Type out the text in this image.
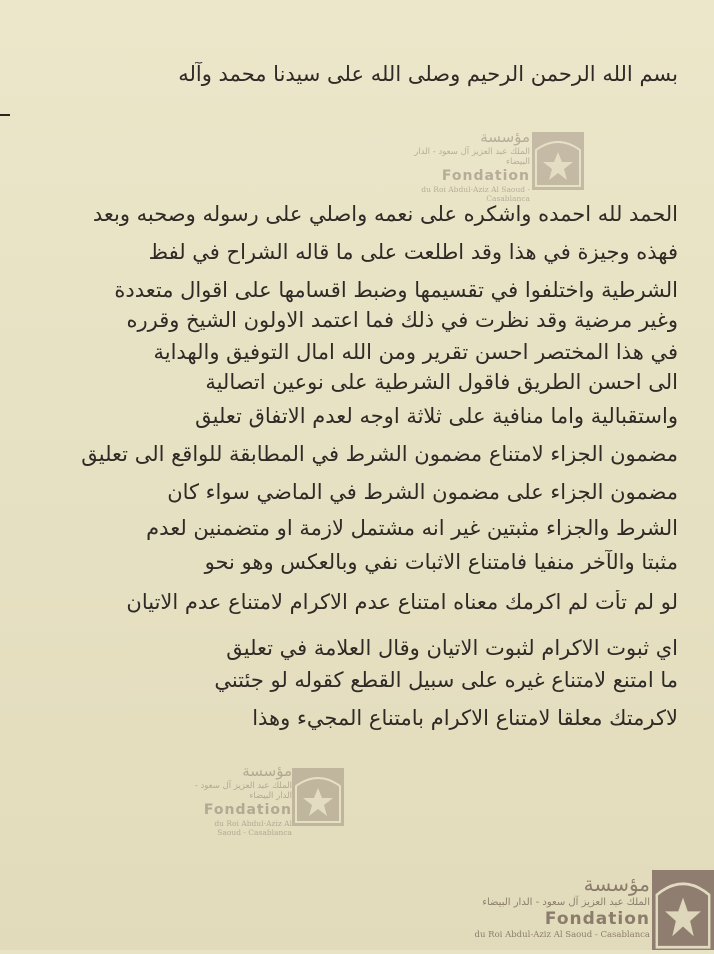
بسم الله الرحمن الرحيم وصلى الله على سيدنا محمد وآله
الحمد لله احمده واشكره على نعمه واصلي على رسوله وصحبه وبعد
فهذه وجيزة في هذا وقد اطلعت على ما قاله الشراح في لفظ
الشرطية واختلفوا في تقسيمها وضبط اقسامها على اقوال متعددة
وغير مرضية وقد نظرت في ذلك فما اعتمد الاولون الشيخ وقرره
في هذا المختصر احسن تقرير ومن الله امال التوفيق والهداية
الى احسن الطريق فاقول الشرطية على نوعين اتصالية
واستقبالية واما منافية على ثلاثة اوجه لعدم الاتفاق تعليق
مضمون الجزاء لامتناع مضمون الشرط في المطابقة للواقع الى تعليق
مضمون الجزاء على مضمون الشرط في الماضي سواء كان
الشرط والجزاء مثبتين غير انه مشتمل لازمة او متضمنين لعدم
مثبتا والآخر منفيا فامتناع الاثبات نفي وبالعكس وهو نحو
لو لم تأت لم اكرمك معناه امتناع عدم الاكرام لامتناع عدم الاتيان
اي ثبوت الاكرام لثبوت الاتيان وقال العلامة في تعليق
ما امتنع لامتناع غيره على سبيل القطع كقوله لو جئتني
لاكرمتك معلقا لامتناع الاكرام بامتناع المجيء وهذا
مؤسسة
الملك عبد العزيز آل سعود - الدار البيضاء
Fondation
du Roi Abdul-Aziz Al Saoud - Casablanca
مؤسسة
الملك عبد العزيز آل سعود - الدار البيضاء
Fondation
du Roi Abdul-Aziz Al Saoud - Casablanca
مؤسسة
الملك عبد العزيز آل سعود - الدار البيضاء
Fondation
du Roi Abdul-Aziz Al Saoud - Casablanca
